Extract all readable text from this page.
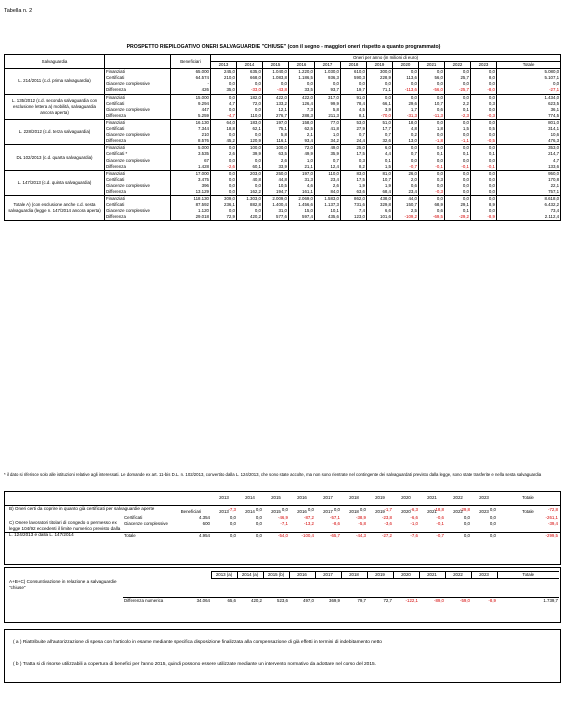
Tabella n. 2
PROSPETTO RIEPILOGATIVO ONERI SALVAGUARDIE "CHIUSE" (con il segno - maggiori oneri rispetto a quanto programmato)
Salvaguardia		Beneficiari	Oneri per anno (in milioni di euro)											
			2013	2014	2015	2016	2017	2018	2019	2020	2021	2022	2023	Totale
L. 214/2011 (c.d. prima salvaguardia)	Finanziati	65.000	245,0	635,0	1.040,0	1.220,0	1.030,0	610,0	300,0	0,0	0,0	0,0	0,0	5.080,0
	Certificati	64.574	210,0	668,0	1.083,8	1.186,5	936,3	590,3	228,9	113,6	56,0	25,7	8,0	5.107,1
	Giacenze complessive	-	0,0	0,0	0,0	0,0	0,0	0,0	0,0	0,0	0,0	0,0	0,0	0,0
	Differenza	426	35,0	-33,0	-43,8	33,5	93,7	19,7	71,1	-113,6	-56,0	-25,7	-8,0	-27,1
L. 135/2012 (c.d. seconda salvaguardia con esclusione lettera a) mobilità, salvaguardia ancora aperta)	Finanziati	15.000	0,0	182,0	422,0	422,0	317,0	91,0	0,0	0,0	0,0	0,0	0,0	1.434,0
	Certificati	9.294	4,7	72,0	133,2	126,4	99,9	78,4	66,1	29,6	10,7	2,2	0,3	623,5
	Giacenze complessive	447	0,0	0,0	12,1	7,3	5,8	4,5	3,9	1,7	0,6	0,1	0,0	36,1
	Differenza	5.259	-4,7	110,0	276,7	288,3	211,3	8,1	-70,0	-31,3	-11,3	-2,3	-0,3	774,5
L. 228/2012 (c.d. terza salvaguardia)	Finanziati	16.130	64,0	183,0	197,0	158,0	77,0	53,0	51,0	18,0	0,0	0,0	0,0	801,0
	Certificati	7.344	18,8	62,1	75,1	62,5	41,8	27,9	17,7	4,8	1,8	1,5	0,5	314,1
	Giacenze complessive	210	0,0	0,0	5,8	2,1	1,0	0,7	0,7	0,2	0,0	0,0	0,0	10,6
	Differenza	8.576	45,2	120,9	116,1	93,4	34,2	24,4	32,6	13,0	-1,8	-1,1	-0,5	476,3
DL 102/2013 (c.d. quarta salvaguardia)	Finanziati	5.000	0,0	100,0	100,0	72,0	49,0	25,0	6,0	0,0	0,0	0,0	0,0	353,0
	Certificati *	3.535	2,6	39,9	63,5	49,9	35,9	17,5	4,4	0,7	0,1	0,1	0,1	214,7
	Giacenze complessive	67	0,0	0,0	2,6	1,0	0,7	0,3	0,1	0,0	0,0	0,0	0,0	4,7
	Differenza	1.428	-2,6	60,1	33,9	21,1	12,4	8,2	1,5	-0,7	-0,1	-0,1	-0,1	133,6
L. 147/2013 (c.d. quinta salvaguardia)	Finanziati	17.000	0,0	203,0	250,0	197,0	110,0	83,0	81,0	26,0	0,0	0,0	0,0	950,0
	Certificati	3.475	0,0	40,8	44,8	31,3	23,4	17,5	10,7	2,0	0,3	0,0	0,0	170,8
	Giacenze complessive	396	0,0	0,0	10,5	4,6	2,6	1,9	1,9	0,6	0,0	0,0	0,0	22,1
	Differenza	13.129	0,0	162,2	194,7	161,1	84,0	63,6	68,4	23,4	-0,3	0,0	0,0	757,1
Totale A) (con esclusione anche c.d. sesta salvaguardia (legge n. 147/2014 ancora aperta)	Finanziati	118.130	309,0	1.303,0	2.009,0	2.069,0	1.583,0	862,0	438,0	44,0	0,0	0,0	0,0	8.618,0
	Certificati	87.592	236,1	882,8	1.400,4	1.456,6	1.137,3	731,6	329,8	150,7	68,9	29,1	8,9	6.432,2
	Giacenze complessive	1.120	0,0	0,0	31,0	15,0	10,1	7,4	6,6	2,5	0,6	0,1	0,0	73,4
	Differenza	29.018	72,9	420,2	577,6	597,4	435,6	123,0	101,6	-109,2	-69,5	-29,2	-8,9	2.112,4
* il dato si riferisce solo alle istituzioni relative agli interessati. Le domande ex art. 11-bis D.L. n. 102/2013, convertito dalla L. 124/2013, che sono state accolte, ma non sono rientrate nel contingente dei salvaguardati previsto dalla legge, sono state trasferite e nella sesta salvaguardia
B) Oneri certi da coprire in quanto già certificati per salvaguardie aperte
2013	2014	2015	2016	2017	2018	2019	2020	2021	2022	2023	Totale

-7,3	0,0	0,0	0,0	0,0	0,0	-1,7	-6,3	-18,8	-29,8	0,0	-72,8
C) Onere lavoratori titolari di congedo o permesso ex legge 104/92 eccedenti il limite numerico previsto dalla L. 124/2013 e dalla L. 147/2014
	Beneficiari	2013	2014	2015	2016	2017	2018	2019	2020	2021	2022	2023	Totale
Certificati	4.354	0,0	0,0	-46,9	-87,2	-57,1	-38,9	-23,8	-6,6	-0,6	0,0	0,0	-261,1
Giacenze complessive	600	0,0	0,0	-7,1	-13,2	-8,6	-5,8	-3,6	-1,0	-0,1	0,0	0,0	-39,4

Totale	4.954	0,0	0,0	-54,0	-100,4	-65,7	-44,3	-27,2	-7,6	-0,7	0,0	0,0	-299,5
A+B+C) Consuntivazione in relazione a salvaguardie "chiuse"
		2013 (a)	2014 (a)	2015 (b)	2016	2017	2018	2019	2020	2021	2022	2023	Totale

Differenza numerica	34.064	65,6	420,2	523,6	497,0	369,9	79,7	72,7	-122,1	-89,0	-59,0	-8,9	1.739,7
( a ) Riattribuite all'autorizzazione di spesa con l'articolo in esame mediante specifica disposizione finalizzata alla compensazione di già effetti in termini di indebitamento netto
( b ) Tratta si di risorse utilizzabili a copertura di benefici per l'anno 2015, quindi possono essere utilizzate mediante un intervento normativo da adottare nel corso del 2015.
